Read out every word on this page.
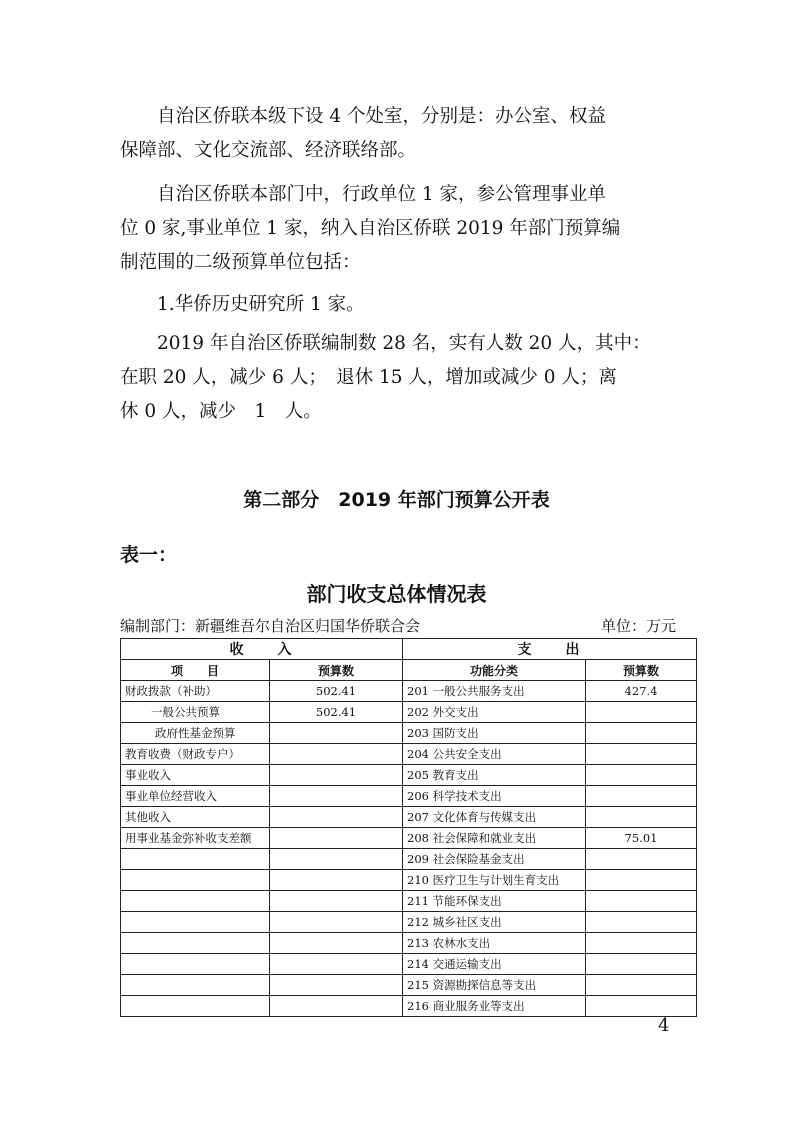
　　自治区侨联本级下设 4 个处室，分别是：办公室、权益
保障部、文化交流部、经济联络部。
　　自治区侨联本部门中，行政单位 1 家，参公管理事业单
位 0 家,事业单位 1 家，纳入自治区侨联 2019 年部门预算编
制范围的二级预算单位包括：
　　1.华侨历史研究所 1 家。
　　2019 年自治区侨联编制数 28 名，实有人数 20 人，其中：
在职 20 人，减少 6 人；　退休 15 人，增加或减少 0 人；离
休 0 人，减少　1　人。
第二部分　2019 年部门预算公开表
表一：
部门收支总体情况表
编制部门：新疆维吾尔自治区归国华侨联合会	单位：万元
收　　入		支　　出	
项　　目	预算数	功能分类	预算数
财政拨款（补助）	502.41	201 一般公共服务支出	427.4
一般公共预算	502.41	202 外交支出	
政府性基金预算		203 国防支出	
教育收费（财政专户）		204 公共安全支出	
事业收入		205 教育支出	
事业单位经营收入		206 科学技术支出	
其他收入		207 文化体育与传媒支出	
用事业基金弥补收支差额		208 社会保障和就业支出	75.01
		209 社会保险基金支出	
		210 医疗卫生与计划生育支出	
		211 节能环保支出	
		212 城乡社区支出	
		213 农林水支出	
		214 交通运输支出	
		215 资源勘探信息等支出	
		216 商业服务业等支出	
4
